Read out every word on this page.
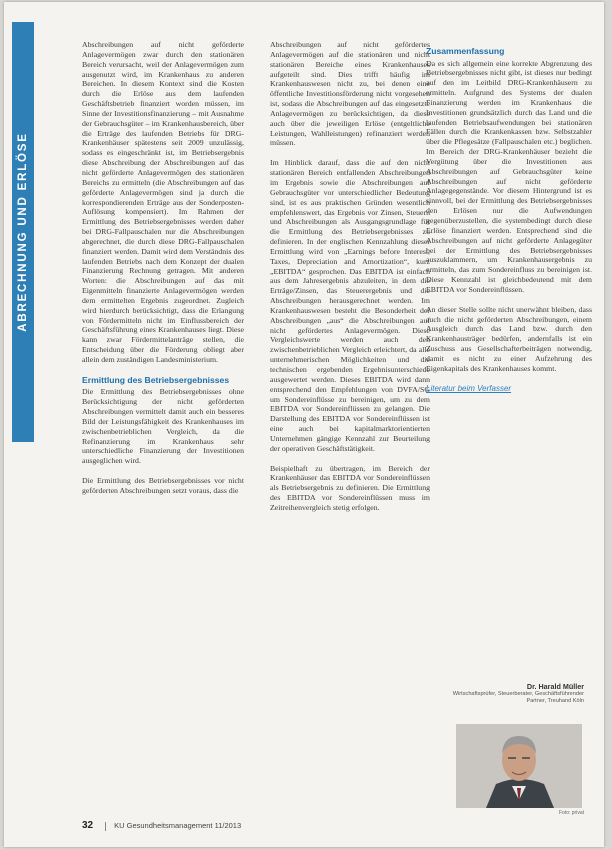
ABRECHNUNG UND ERLÖSE

Abschreibungen auf nicht geförderte Anlagevermögen zwar durch den stationären Bereich verursacht, weil der Anlagevermögen zum ausgenutzt wird, im Krankenhaus zu anderen Bereichen. In diesem Kontext sind die Kosten durch die Erlöse aus dem laufenden Geschäftsbetrieb finanziert worden müssen, im Sinne der Investitionsfinanzierung – mit Ausnahme der Gebrauchsgüter – im Krankenhausbereich, über die Erträge des laufenden Betriebs für DRG-Krankenhäuser spätestens seit 2009 unzulässig, sodass es eingeschränkt ist, im Betriebsergebnis diese Abschreibung der Abschreibungen auf das nicht geförderte Anlagevermögen des stationären Bereichs zu ermitteln (die Abschreibungen auf das geförderte Anlagevermögen sind ja durch die korrespondierenden Erträge aus der Sonderposten-Auflösung kompensiert). Im Rahmen der Ermittlung des Betriebsergebnisses werden daher bei DRG-Fallpauschalen nur die Abschreibungen abgerechnet, die durch diese DRG-Fallpauschalen finanziert werden. Damit wird dem Verständnis des laufenden Betriebs nach dem Konzept der dualen Finanzierung Rechnung getragen. Mit anderen Worten: die Abschreibungen auf das mit Eigenmitteln finanzierte Anlagevermögen werden dem ermittelten Ergebnis zugeordnet. Zugleich wird hierdurch berücksichtigt, dass die Erlangung von Fördermitteln nicht im Einflussbereich der Geschäftsführung eines Krankenhauses liegt. Diese kann zwar Fördermittelanträge stellen, die Entscheidung über die Förderung obliegt aber allein dem zuständigen Landesministerium.

Ermittlung des Betriebsergebnisses

Die Ermittlung des Betriebsergebnisses ohne Berücksichtigung der nicht geförderten Abschreibungen vermittelt damit auch ein besseres Bild der Leistungsfähigkeit des Krankenhauses im zwischenbetrieblichen Vergleich, da die Refinanzierung im Krankenhaus sehr unterschiedliche Finanzierung der Investitionen ausgeglichen wird.

Die Ermittlung des Betriebsergebnisses vor nicht geförderten Abschreibungen setzt voraus, dass die

Abschreibungen auf nicht gefördertes Anlagevermögen auf die stationären und nicht stationären Bereiche eines Krankenhauses aufgeteilt sind. Dies trifft häufig im Krankenhauswesen nicht zu, bei denen eine öffentliche Investitionsförderung nicht vorgesehen ist, sodass die Abschreibungen auf das eingesetzte Anlagevermögen zu berücksichtigen, da diese auch über die jeweiligen Erlöse (entgeltliche Leistungen, Wahlleistungen) refinanziert werden müssen.

Im Hinblick darauf, dass die auf den nicht stationären Bereich entfallenden Abschreibungen im Ergebnis sowie die Abschreibungen auf Gebrauchsgüter vor unterschiedlicher Bedeutung sind, ist es aus praktischen Gründen wesentlich empfehlenswert, das Ergebnis vor Zinsen, Steuern und Abschreibungen als Ausgangsgrundlage für die Ermittlung des Betriebsergebnisses zu definieren. In der englischen Kennzahlung dieser Ermittlung wird von „Earnings before Interest, Taxes, Depreciation and Amortization“, kurz „EBITDA“ gesprochen. Das EBITDA ist einfach aus dem Jahresergebnis abzuleiten, in dem die Erträge/Zinsen, das Steuerergebnis und die Abschreibungen herausgerechnet werden. Im Krankenhauswesen besteht die Besonderheit der Abschreibungen „aus“ die Abschreibungen auf nicht gefördertes Anlagevermögen. Diese Vergleichswerte werden auch den zwischenbetrieblichen Vergleich erleichtert, da alle unternehmerischen Möglichkeiten und die technischen ergebenden Ergebnisunterschiede ausgewertet werden. Dieses EBITDA wird dann entsprechend den Empfehlungen von DVFA/SG um Sondereinflüsse zu bereinigen, um zu dem EBITDA vor Sondereinflüssen zu gelangen. Die Darstellung des EBITDA vor Sondereinflüssen ist eine auch bei kapitalmarktorientierten Unternehmen gängige Kennzahl zur Beurteilung der operativen Geschäftstätigkeit.

Beispielhaft zu übertragen, im Bereich der Krankenhäuser das EBITDA vor Sondereinflüssen als Betriebsergebnis zu definieren. Die Ermittlung des EBITDA vor Sondereinflüssen muss im Zeitreihenvergleich stetig erfolgen.

Zusammenfassung

Da es sich allgemein eine korrekte Abgrenzung des Betriebsergebnisses nicht gibt, ist dieses nur bedingt auf den im Leitbild DRG-Krankenhäusern zu ermitteln. Aufgrund des Systems der dualen Finanzierung werden im Krankenhaus die Investitionen grundsätzlich durch das Land und die laufenden Betriebsaufwendungen bei stationären Fällen durch die Krankenkassen bzw. Selbstzahler über die Pflegesätze (Fallpauschalen etc.) beglichen. Im Bereich der DRG-Krankenhäuser bezieht die Vergütung über die Investitionen aus Abschreibungen auf Gebrauchsgüter keine Abschreibungen auf nicht geförderte Anlagegegenstände. Vor diesem Hintergrund ist es sinnvoll, bei der Ermittlung des Betriebsergebnisses den Erlösen nur die Aufwendungen gegenüberzustellen, die systembedingt durch diese Erlöse finanziert werden. Entsprechend sind die Abschreibungen auf nicht geförderte Anlagegüter bei der Ermittlung des Betriebsergebnisses auszuklammern, um Krankenhausergebnis zu ermitteln, das zum Sondereinfluss zu bereinigen ist. Diese Kennzahl ist gleichbedeutend mit dem EBITDA vor Sondereinflüssen.

An dieser Stelle sollte nicht unerwähnt bleiben, dass auch die nicht geförderten Abschreibungen, einem Ausgleich durch das Land bzw. durch den Krankenhausträger bedürfen, andernfalls ist ein Zuschuss aus Gesellschafterbeiträgen notwendig, damit es nicht zu einer Aufzehrung des Eigenkapitals des Krankenhauses kommt.

Literatur beim Verfasser

Dr. Harald Müller
Wirtschaftsprüfer, Steuerberater, Geschäftsführender Partner, Treuhand Köln
Foto: privat
32	KU Gesundheitsmanagement 11/2013
